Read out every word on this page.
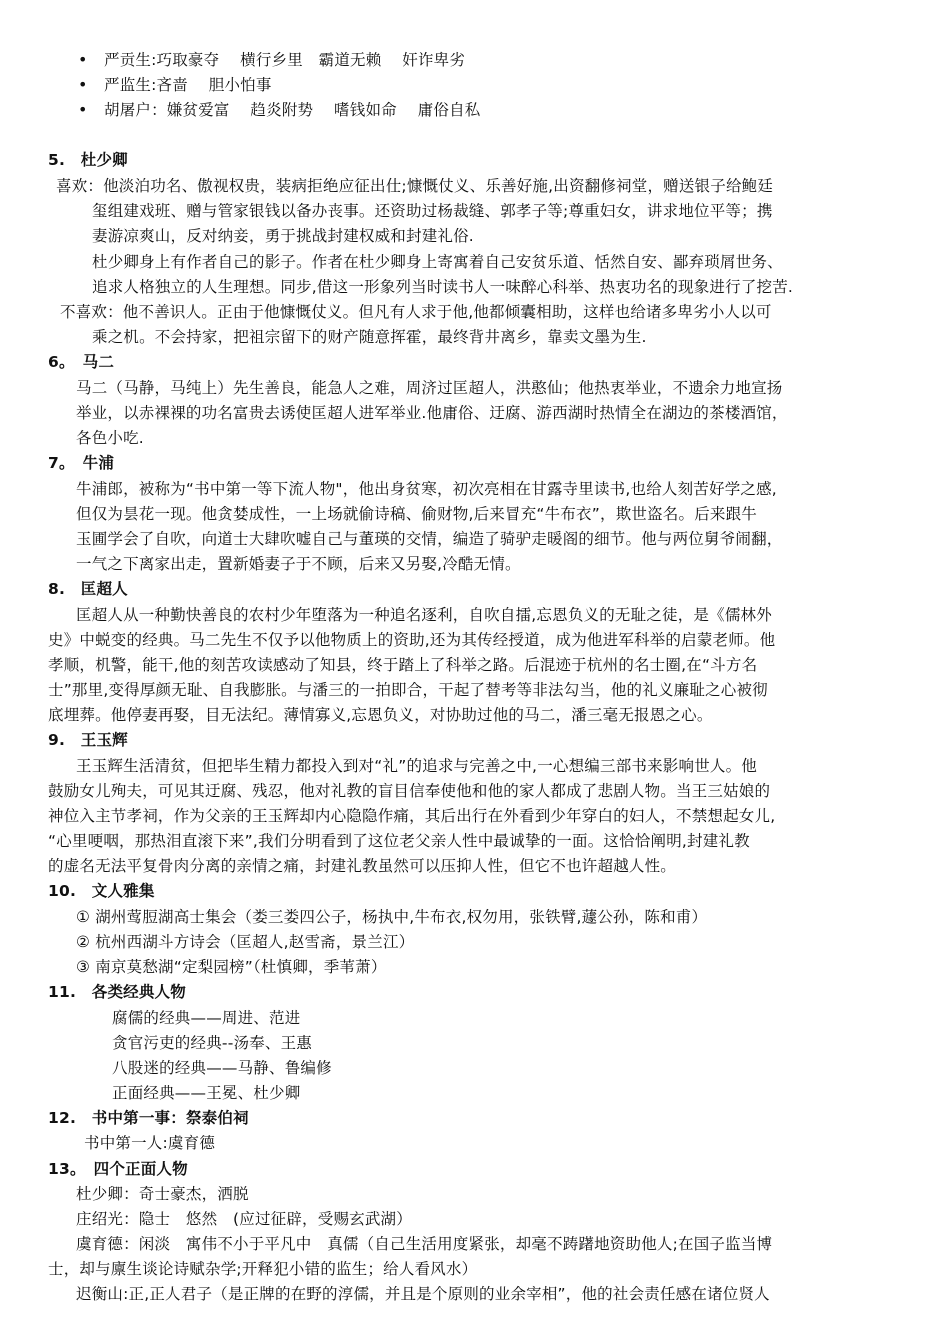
• 严贡生:巧取豪夺　 横行乡里　霸道无赖　 奸诈卑劣
• 严监生:吝啬　 胆小怕事
• 胡屠户：嫌贫爱富　 趋炎附势　 嗜钱如命　 庸俗自私
5.　杜少卿
喜欢：他淡泊功名、傲视权贵，装病拒绝应征出仕;慷慨仗义、乐善好施,出资翻修祠堂，赠送银子给鲍廷
玺组建戏班、赠与管家银钱以备办丧事。还资助过杨裁缝、郭孝子等;尊重妇女，讲求地位平等；携
妻游凉爽山，反对纳妾，勇于挑战封建权威和封建礼俗.
杜少卿身上有作者自己的影子。作者在杜少卿身上寄寓着自己安贫乐道、恬然自安、鄙弃琐屑世务、
追求人格独立的人生理想。同步,借这一形象列当时读书人一味醉心科举、热衷功名的现象进行了挖苦.
不喜欢：他不善识人。正由于他慷慨仗义。但凡有人求于他,他都倾囊相助，这样也给诸多卑劣小人以可
乘之机。不会持家，把祖宗留下的财产随意挥霍，最终背井离乡，靠卖文墨为生.
6。　马二
马二（马静，马纯上）先生善良，能急人之难，周济过匡超人，洪憨仙；他热衷举业，不遗余力地宣扬
举业，以赤裸裸的功名富贵去诱使匡超人进军举业.他庸俗、迂腐、游西湖时热情全在湖边的茶楼酒馆，
各色小吃.
7。　牛浦
牛浦郎，被称为“书中第一等下流人物"，他出身贫寒，初次亮相在甘露寺里读书,也给人刻苦好学之感,
但仅为昙花一现。他贪婪成性，一上场就偷诗稿、偷财物,后来冒充“牛布衣”，欺世盗名。后来跟牛
玉圃学会了自吹，向道士大肆吹嘘自己与董瑛的交情，编造了骑驴走暖阁的细节。他与两位舅爷闹翻，
一气之下离家出走，置新婚妻子于不顾，后来又另娶,冷酷无情。
8.　匡超人
匡超人从一种勤快善良的农村少年堕落为一种追名逐利，自吹自擂,忘恩负义的无耻之徒，是《儒林外
史》中蜕变的经典。马二先生不仅予以他物质上的资助,还为其传经授道，成为他进军科举的启蒙老师。他
孝顺，机警，能干,他的刻苦攻读感动了知县，终于踏上了科举之路。后混迹于杭州的名士圈,在“斗方名
士”那里,变得厚颜无耻、自我膨胀。与潘三的一拍即合，干起了替考等非法勾当，他的礼义廉耻之心被彻
底埋葬。他停妻再娶，目无法纪。薄情寡义,忘恩负义，对协助过他的马二，潘三毫无报恩之心。
9.　王玉辉
王玉辉生活清贫，但把毕生精力都投入到对“礼”的追求与完善之中,一心想编三部书来影响世人。他
鼓励女儿殉夫，可见其迂腐、残忍，他对礼教的盲目信奉使他和他的家人都成了悲剧人物。当王三姑娘的
神位入主节孝祠，作为父亲的王玉辉却内心隐隐作痛，其后出行在外看到少年穿白的妇人，不禁想起女儿,
“心里哽咽，那热泪直滚下来”,我们分明看到了这位老父亲人性中最诚挚的一面。这恰恰阐明,封建礼教
的虚名无法平复骨肉分离的亲情之痛，封建礼教虽然可以压抑人性，但它不也许超越人性。
10.　文人雅集
① 湖州莺脰湖高士集会（娄三娄四公子，杨执中,牛布衣,权勿用，张铁臂,蘧公孙，陈和甫）
② 杭州西湖斗方诗会（匡超人,赵雪斋，景兰江）
③ 南京莫愁湖“定梨园榜”（杜慎卿，季苇萧）
11.　各类经典人物
腐儒的经典——周进、范进
贪官污吏的经典--汤奉、王惠
八股迷的经典——马静、鲁编修
正面经典——王冕、杜少卿
12.　书中第一事：祭泰伯祠
书中第一人:虞育德
13。　四个正面人物
杜少卿：奇士豪杰，洒脱
庄绍光：隐士　悠然　(应过征辟，受赐玄武湖）
虞育德：闲淡　寓伟不小于平凡中　真儒（自己生活用度紧张，却毫不踌躇地资助他人;在国子监当博
士，却与廪生谈论诗赋杂学;开释犯小错的监生；给人看风水）
迟衡山:正,正人君子（是正牌的在野的淳儒，并且是个原则的业余宰相”，他的社会责任感在诸位贤人
